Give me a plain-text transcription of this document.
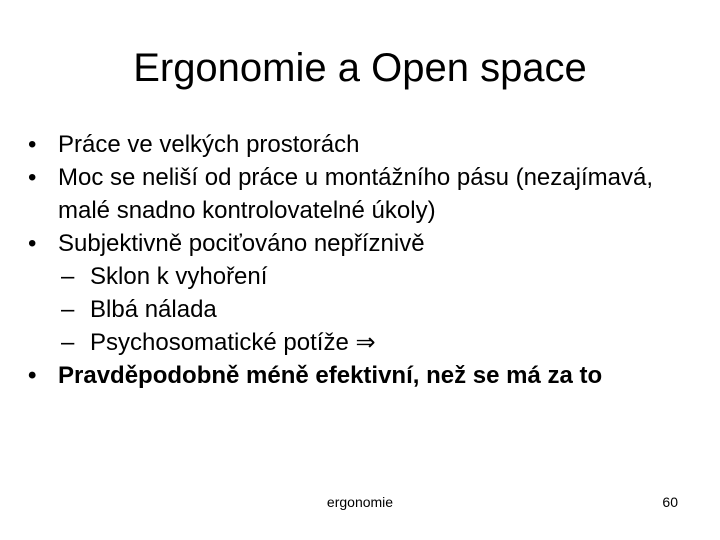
Ergonomie a Open space
• Práce ve velkých prostorách
• Moc se neliší od práce u montážního pásu (nezajímavá, malé snadno kontrolovatelné úkoly)
• Subjektivně pociťováno nepříznivě
– Sklon k vyhoření
– Blbá nálada
– Psychosomatické potíže ⇒
• Pravděpodobně méně efektivní, než se má za to
ergonomie	60
